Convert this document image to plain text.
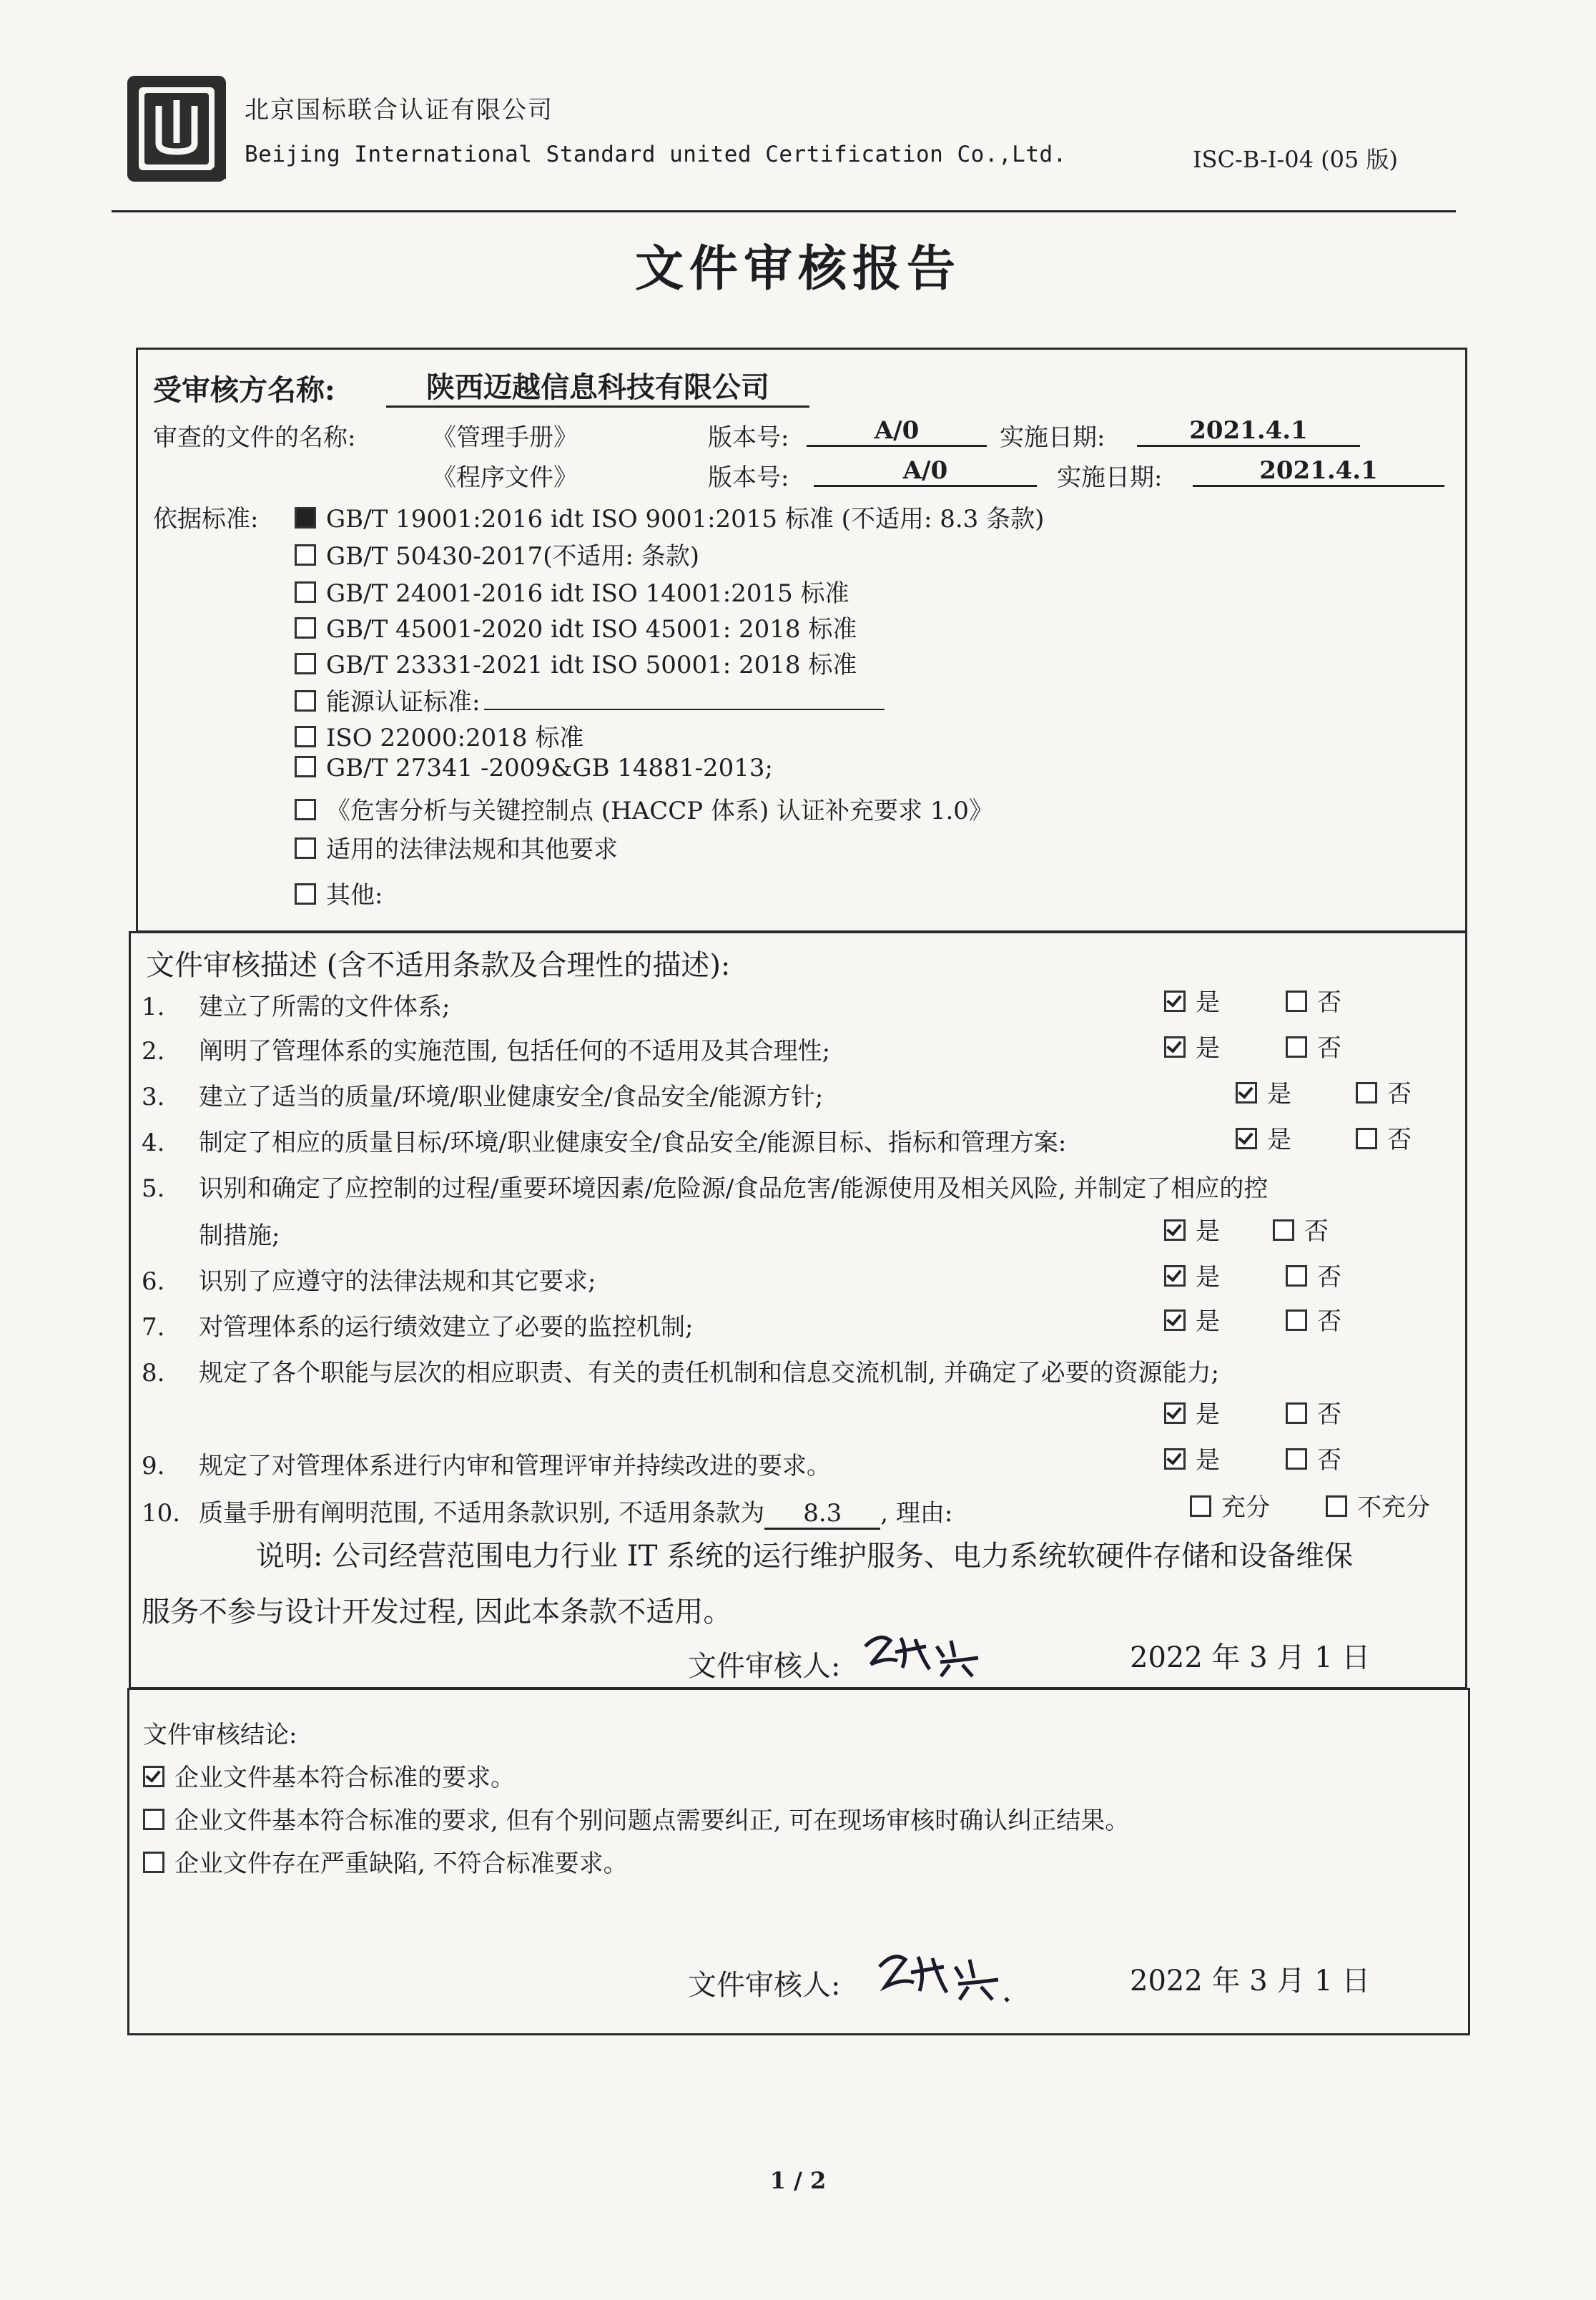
北京国标联合认证有限公司
Beijing International Standard united Certification Co.,Ltd.	ISC-B-I-04 (05 版)
文件审核报告
受审核方名称:	陕西迈越信息科技有限公司
审查的文件的名称:	《管理手册》	版本号:	A/0	实施日期:	2021.4.1
《程序文件》	版本号:	A/0	实施日期:	2021.4.1
依据标准:	GB/T 19001:2016 idt ISO 9001:2015 标准 (不适用: 8.3 条款)
GB/T 50430-2017(不适用: 条款)
GB/T 24001-2016 idt ISO 14001:2015 标准
GB/T 45001-2020 idt ISO 45001: 2018 标准
GB/T 23331-2021 idt ISO 50001: 2018 标准
能源认证标准:
ISO 22000:2018 标准
GB/T 27341 -2009&GB 14881-2013;
《危害分析与关键控制点 (HACCP 体系) 认证补充要求 1.0》
适用的法律法规和其他要求
其他:
文件审核描述 (含不适用条款及合理性的描述):
1. 建立了所需的文件体系;	是	否
2. 阐明了管理体系的实施范围, 包括任何的不适用及其合理性;	是	否
3. 建立了适当的质量/环境/职业健康安全/食品安全/能源方针;	是	否
4. 制定了相应的质量目标/环境/职业健康安全/食品安全/能源目标、指标和管理方案:	是	否
5. 识别和确定了应控制的过程/重要环境因素/危险源/食品危害/能源使用及相关风险, 并制定了相应的控
制措施;	是	否
6. 识别了应遵守的法律法规和其它要求;	是	否
7. 对管理体系的运行绩效建立了必要的监控机制;	是	否
8. 规定了各个职能与层次的相应职责、有关的责任机制和信息交流机制, 并确定了必要的资源能力;
是	否
9. 规定了对管理体系进行内审和管理评审并持续改进的要求。	是	否
10. 质量手册有阐明范围, 不适用条款识别, 不适用条款为 8.3 , 理由:	充分	不充分
说明: 公司经营范围电力行业 IT 系统的运行维护服务、电力系统软硬件存储和设备维保
服务不参与设计开发过程, 因此本条款不适用。
文件审核人:	2022 年 3 月 1 日
文件审核结论:
企业文件基本符合标准的要求。
企业文件基本符合标准的要求, 但有个别问题点需要纠正, 可在现场审核时确认纠正结果。
企业文件存在严重缺陷, 不符合标准要求。
文件审核人:	2022 年 3 月 1 日
1 / 2
